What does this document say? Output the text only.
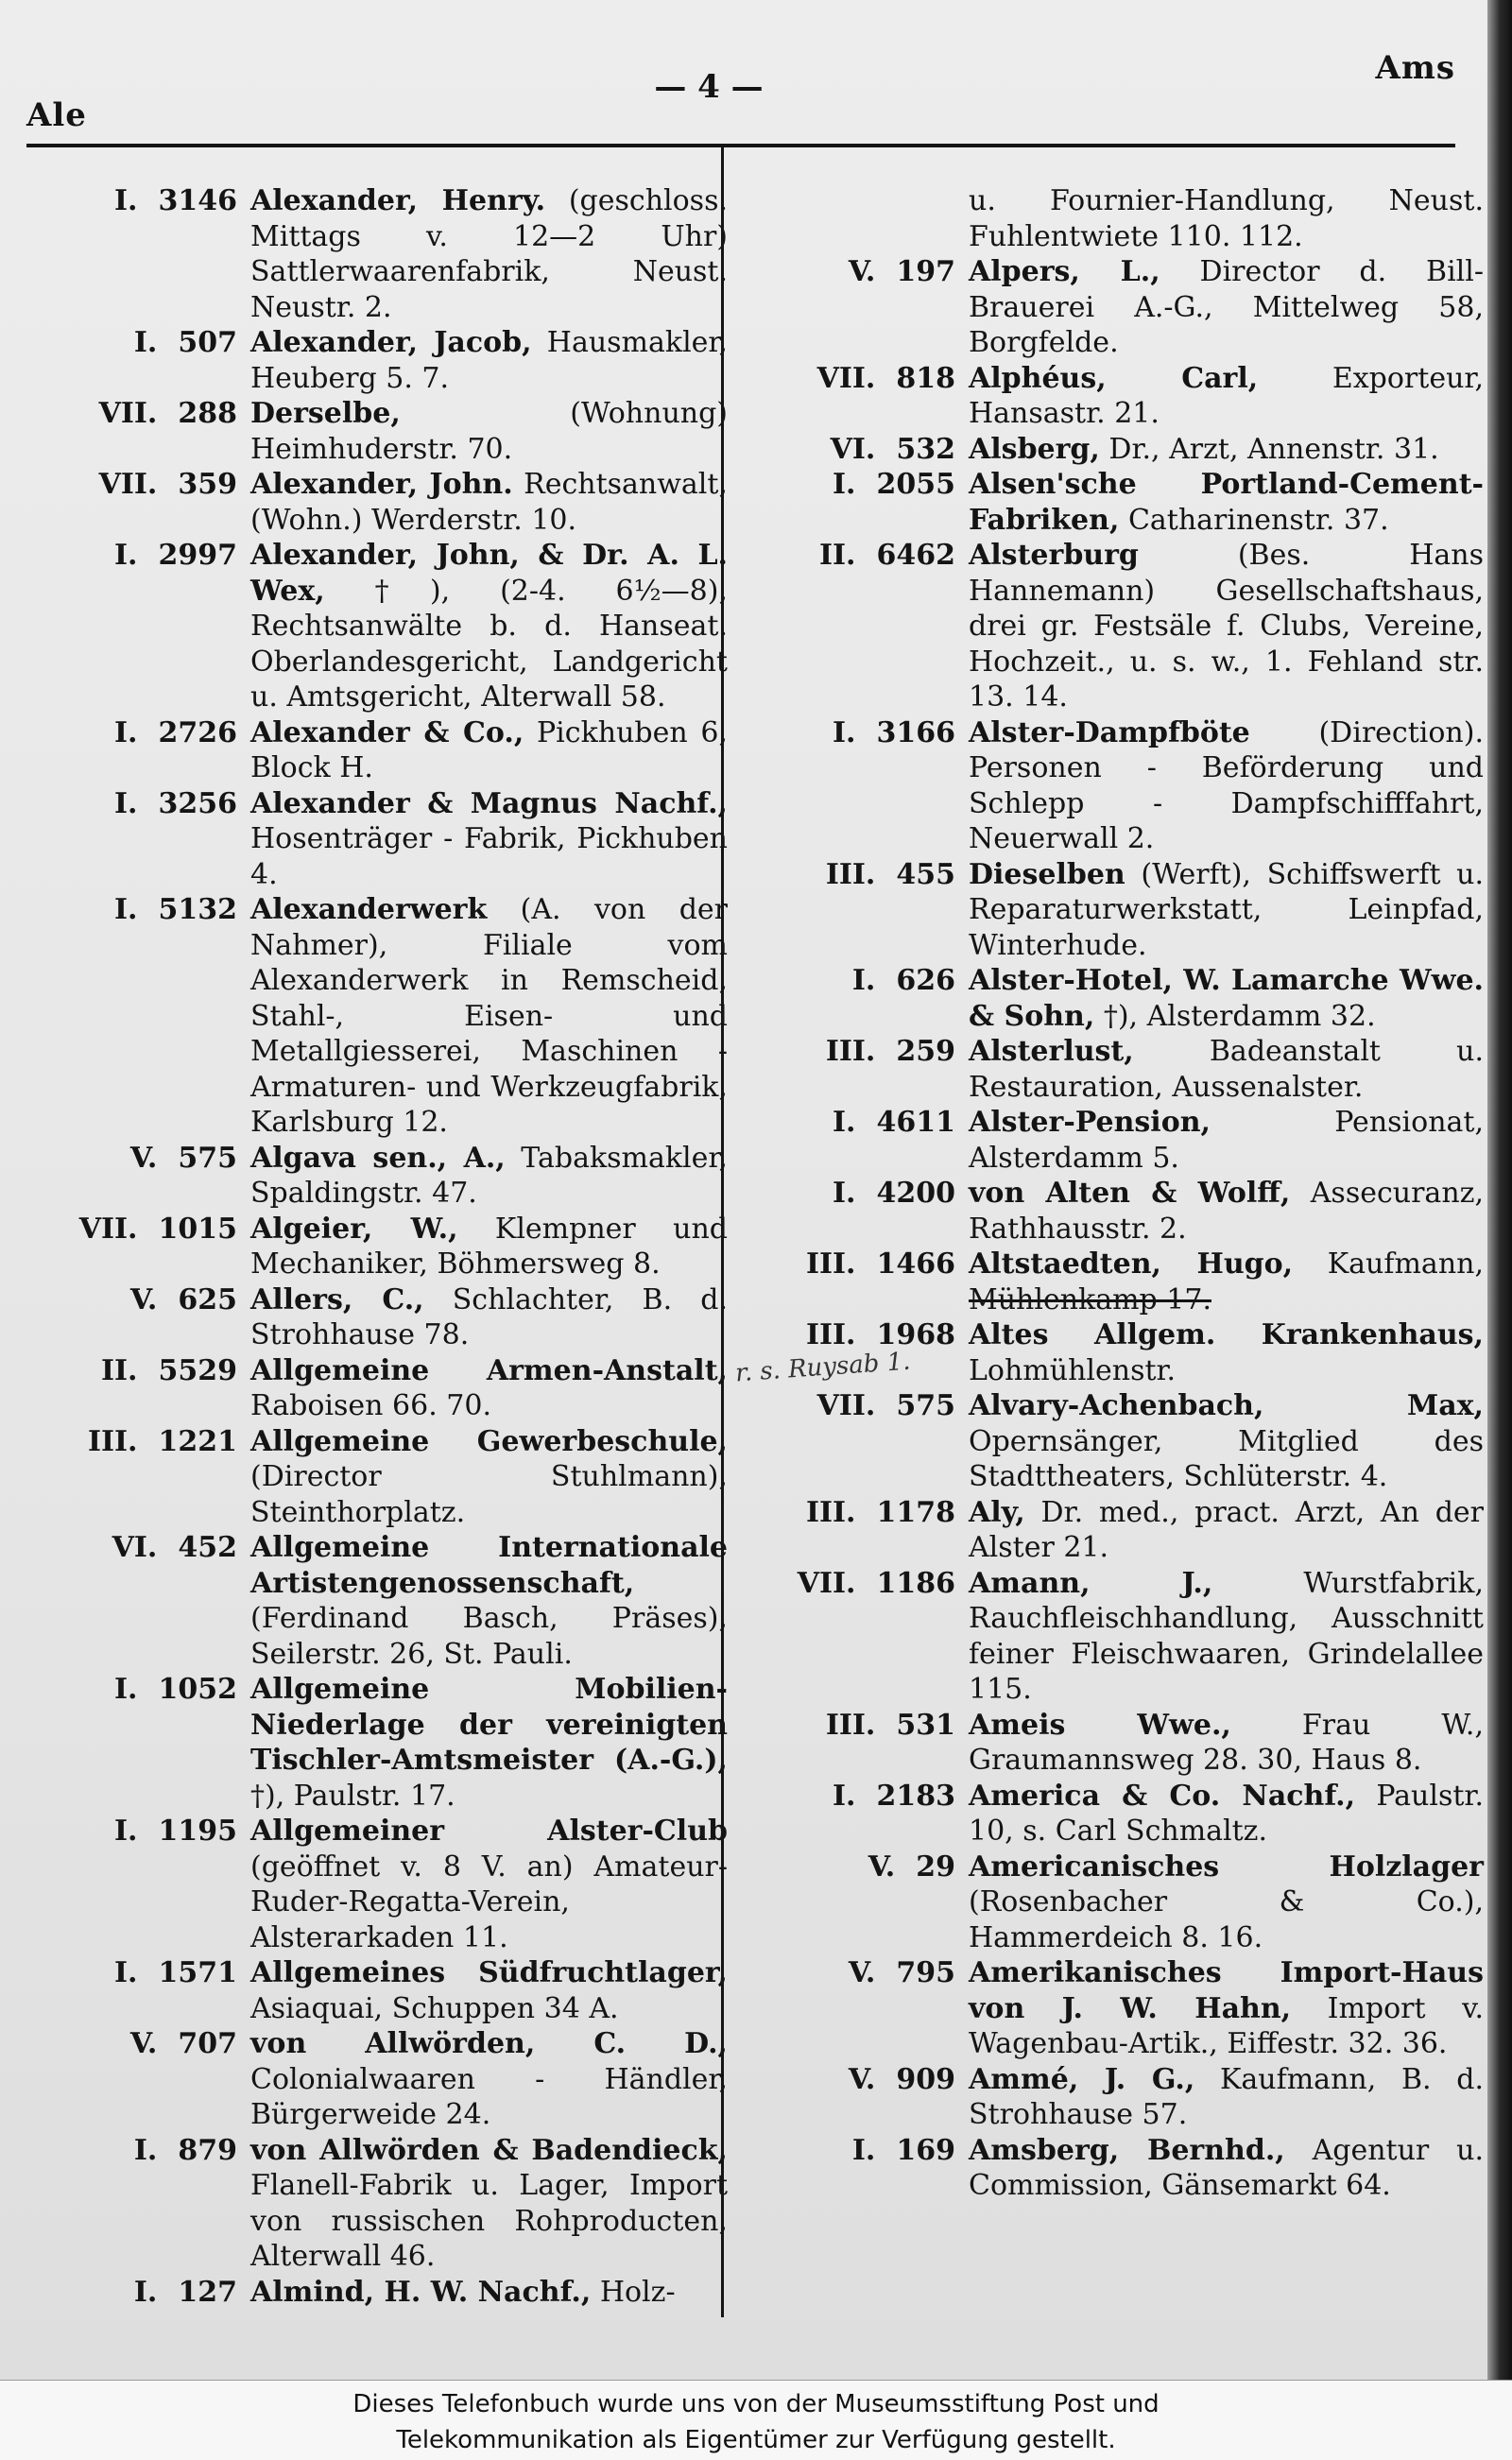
Ale
— 4 —	Ams
I. 3146 Alexander, Henry. (geschloss. Mittags v. 12—2 Uhr) Sattlerwaarenfabrik, Neust. Neustr. 2.
I. 507 Alexander, Jacob, Hausmakler, Heuberg 5. 7.
VII. 288 Derselbe, (Wohnung) Heimhuderstr. 70.
VII. 359 Alexander, John. Rechtsanwalt, (Wohn.) Werderstr. 10.
I. 2997 Alexander, John, & Dr. A. L. Wex, †), (2-4. 6½—8), Rechtsanwälte b. d. Hanseat. Oberlandesgericht, Landgericht u. Amtsgericht, Alterwall 58.
I. 2726 Alexander & Co., Pickhuben 6, Block H.
I. 3256 Alexander & Magnus Nachf., Hosenträger - Fabrik, Pickhuben 4.
I. 5132 Alexanderwerk (A. von der Nahmer), Filiale vom Alexanderwerk in Remscheid, Stahl-, Eisen- und Metallgiesserei, Maschinen - Armaturen- und Werkzeugfabrik, Karlsburg 12.
V. 575 Algava sen., A., Tabaksmakler, Spaldingstr. 47.
VII. 1015 Algeier, W., Klempner und Mechaniker, Böhmersweg 8.
V. 625 Allers, C., Schlachter, B. d. Strohhause 78.
II. 5529 Allgemeine Armen-Anstalt, Raboisen 66. 70.
III. 1221 Allgemeine Gewerbeschule, (Director Stuhlmann), Steinthorplatz.
VI. 452 Allgemeine Internationale Artistengenossenschaft, (Ferdinand Basch, Präses), Seilerstr. 26, St. Pauli.
I. 1052 Allgemeine Mobilien-Niederlage der vereinigten Tischler-Amtsmeister (A.-G.), †), Paulstr. 17.
I. 1195 Allgemeiner Alster-Club (geöffnet v. 8 V. an) Amateur-Ruder-Regatta-Verein, Alsterarkaden 11.
I. 1571 Allgemeines Südfruchtlager, Asiaquai, Schuppen 34 A.
V. 707 von Allwörden, C. D., Colonialwaaren - Händler, Bürgerweide 24.
I. 879 von Allwörden & Badendieck, Flanell-Fabrik u. Lager, Import von russischen Rohproducten, Alterwall 46.
I. 127 Almind, H. W. Nachf., Holz-
u. Fournier-Handlung, Neust. Fuhlentwiete 110. 112.
V. 197 Alpers, L., Director d. Bill-Brauerei A.-G., Mittelweg 58, Borgfelde.
VII. 818 Alphéus, Carl, Exporteur, Hansastr. 21.
VI. 532 Alsberg, Dr., Arzt, Annenstr. 31.
I. 2055 Alsen'sche Portland-Cement-Fabriken, Catharinenstr. 37.
II. 6462 Alsterburg (Bes. Hans Hannemann) Gesellschaftshaus, drei gr. Festsäle f. Clubs, Vereine, Hochzeit., u. s. w., 1. Fehland str. 13. 14.
I. 3166 Alster-Dampfböte (Direction). Personen - Beförderung und Schlepp - Dampfschifffahrt, Neuerwall 2.
III. 455 Dieselben (Werft), Schiffswerft u. Reparaturwerkstatt, Leinpfad, Winterhude.
I. 626 Alster-Hotel, W. Lamarche Wwe. & Sohn, †), Alsterdamm 32.
III. 259 Alsterlust, Badeanstalt u. Restauration, Aussenalster.
I. 4611 Alster-Pension, Pensionat, Alsterdamm 5.
I. 4200 von Alten & Wolff, Assecuranz, Rathhausstr. 2.
III. 1466 Altstaedten, Hugo, Kaufmann, Mühlenkamp 17.
III. 1968 Altes Allgem. Krankenhaus, Lohmühlenstr.
VII. 575 Alvary-Achenbach, Max, Opernsänger, Mitglied des Stadttheaters, Schlüterstr. 4.
III. 1178 Aly, Dr. med., pract. Arzt, An der Alster 21.
VII. 1186 Amann, J., Wurstfabrik, Rauchfleischhandlung, Ausschnitt feiner Fleischwaaren, Grindelallee 115.
III. 531 Ameis Wwe., Frau W., Graumannsweg 28. 30, Haus 8.
I. 2183 America & Co. Nachf., Paulstr. 10, s. Carl Schmaltz.
V. 29 Americanisches Holzlager (Rosenbacher & Co.), Hammerdeich 8. 16.
V. 795 Amerikanisches Import-Haus von J. W. Hahn, Import v. Wagenbau-Artik., Eiffestr. 32. 36.
V. 909 Ammé, J. G., Kaufmann, B. d. Strohhause 57.
I. 169 Amsberg, Bernhd., Agentur u. Commission, Gänsemarkt 64.
r. s. Ruysab 1.
Dieses Telefonbuch wurde uns von der Museumsstiftung Post und
Telekommunikation als Eigentümer zur Verfügung gestellt.
